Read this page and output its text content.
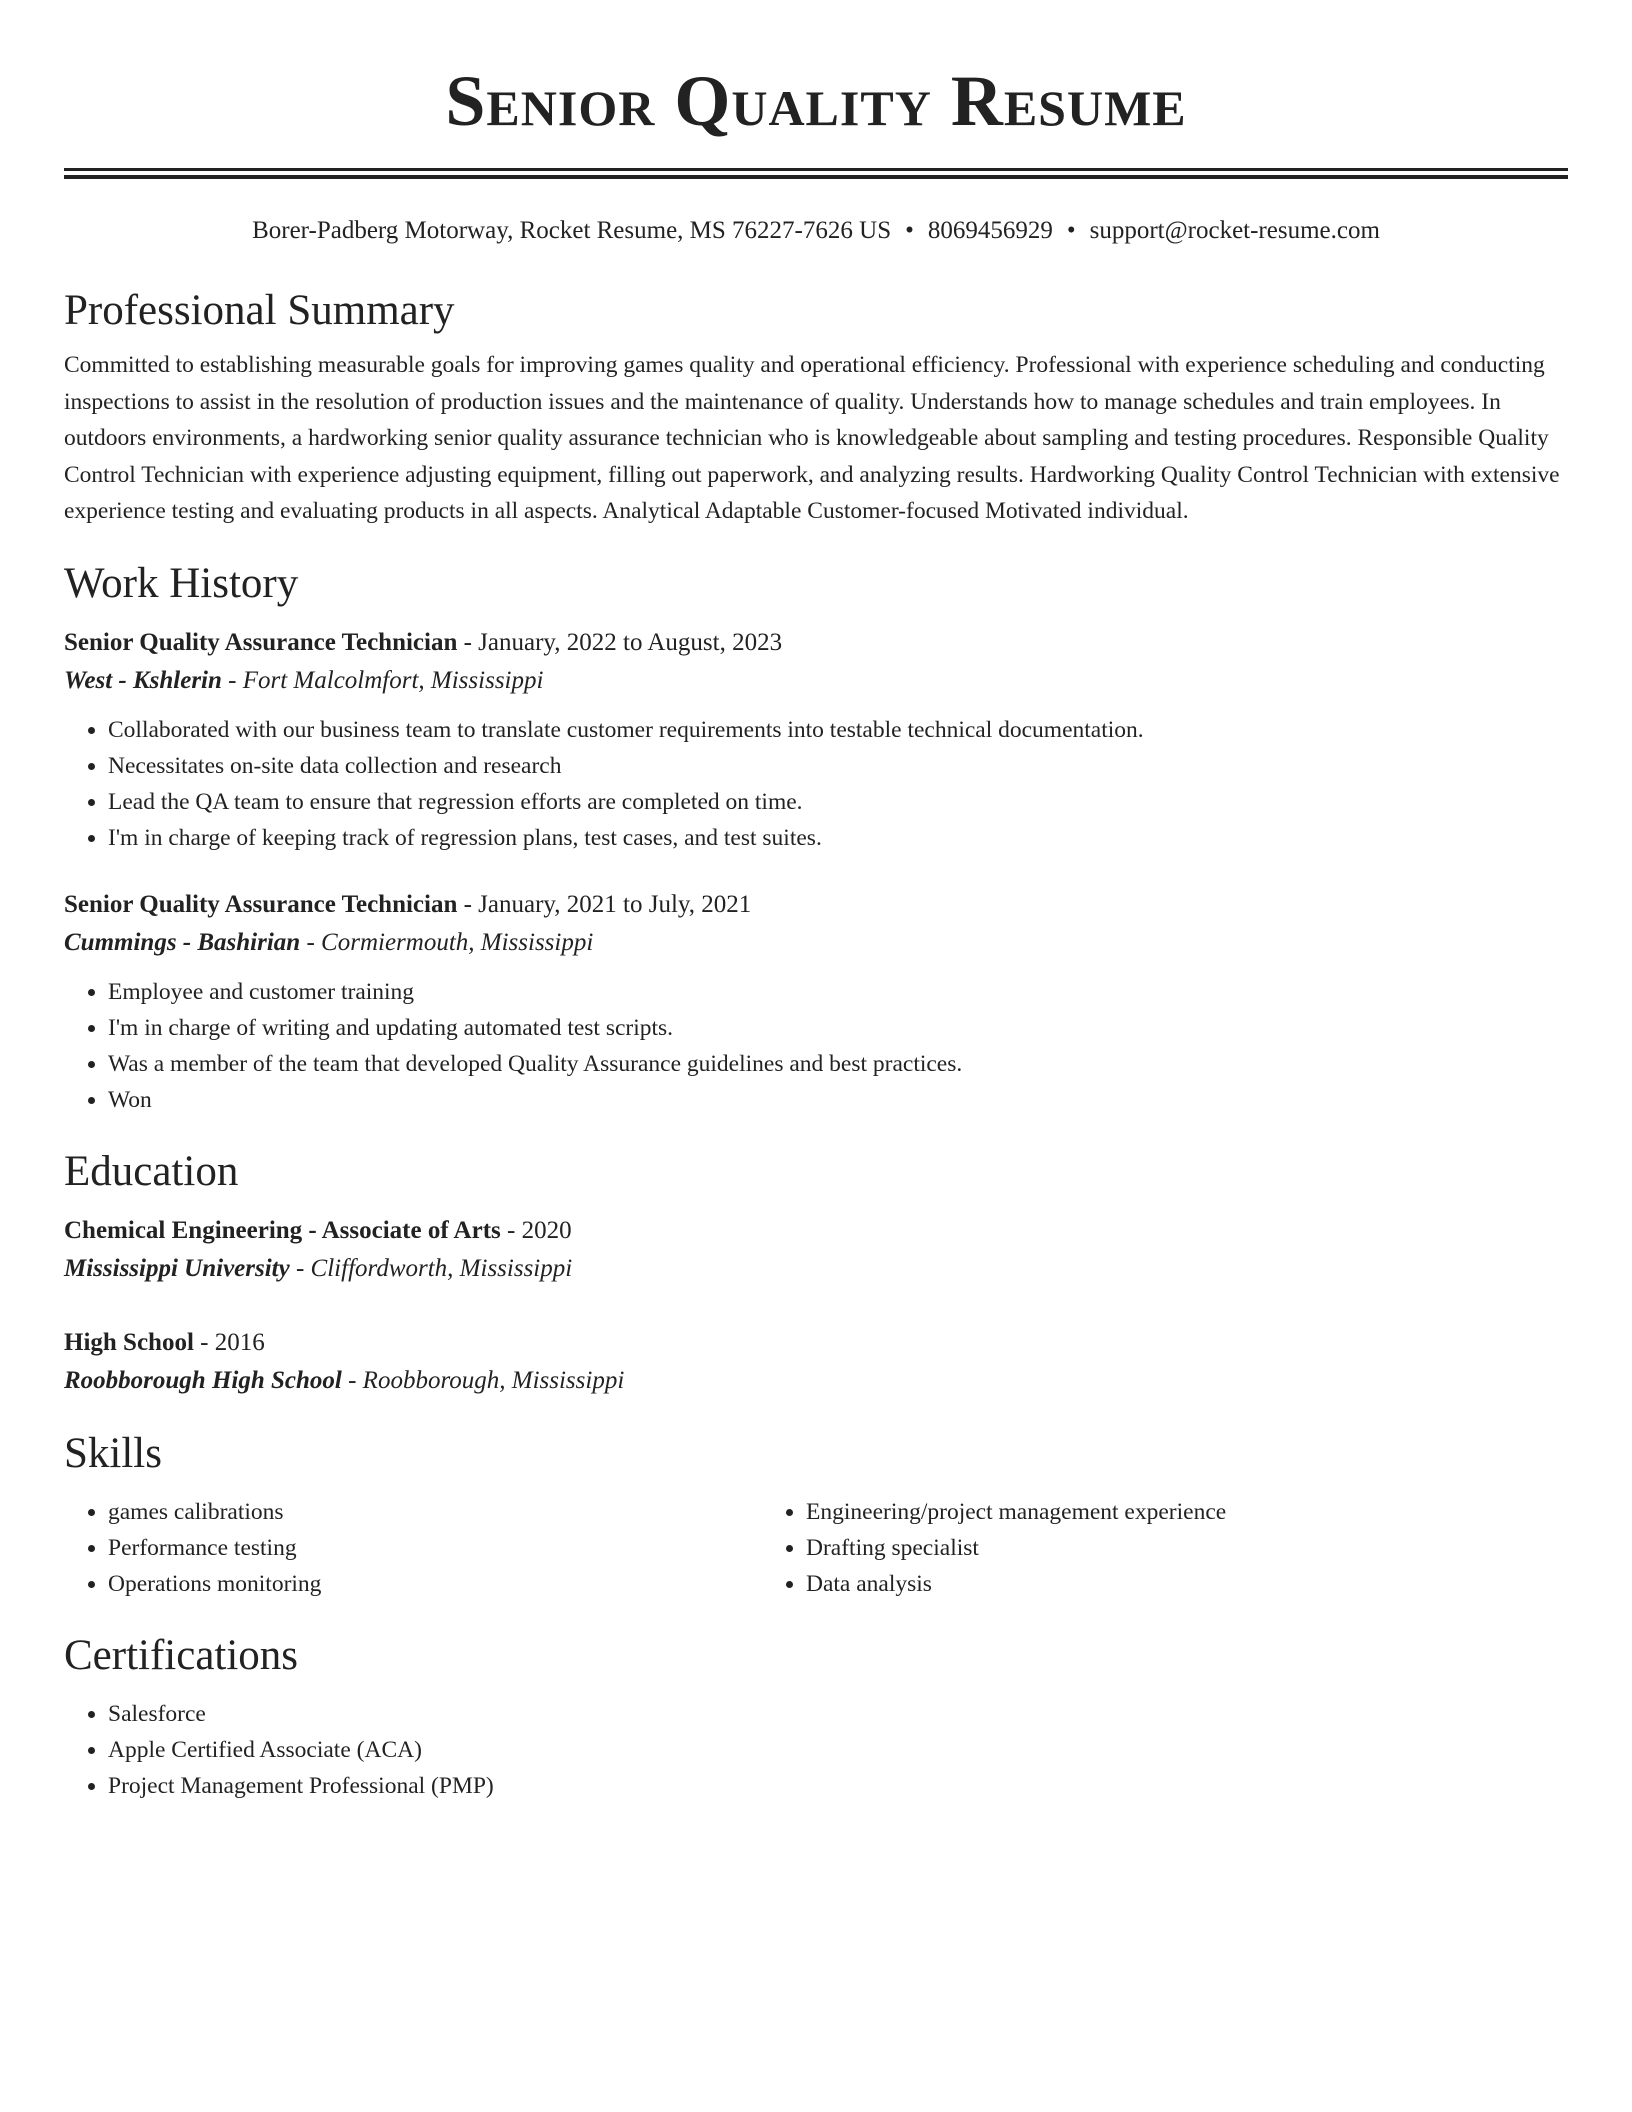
Senior Quality Resume
Borer-Padberg Motorway, Rocket Resume, MS 76227-7626 US • 8069456929 • support@rocket-resume.com
Professional Summary
Committed to establishing measurable goals for improving games quality and operational efficiency. Professional with experience scheduling and conducting inspections to assist in the resolution of production issues and the maintenance of quality. Understands how to manage schedules and train employees. In outdoors environments, a hardworking senior quality assurance technician who is knowledgeable about sampling and testing procedures. Responsible Quality Control Technician with experience adjusting equipment, filling out paperwork, and analyzing results. Hardworking Quality Control Technician with extensive experience testing and evaluating products in all aspects. Analytical Adaptable Customer-focused Motivated individual.
Work History
Senior Quality Assurance Technician - January, 2022 to August, 2023
West - Kshlerin - Fort Malcolmfort, Mississippi
• Collaborated with our business team to translate customer requirements into testable technical documentation.
• Necessitates on-site data collection and research
• Lead the QA team to ensure that regression efforts are completed on time.
• I'm in charge of keeping track of regression plans, test cases, and test suites.
Senior Quality Assurance Technician - January, 2021 to July, 2021
Cummings - Bashirian - Cormiermouth, Mississippi
• Employee and customer training
• I'm in charge of writing and updating automated test scripts.
• Was a member of the team that developed Quality Assurance guidelines and best practices.
• Won
Education
Chemical Engineering - Associate of Arts - 2020
Mississippi University - Cliffordworth, Mississippi
High School - 2016
Roobborough High School - Roobborough, Mississippi
Skills
• games calibrations
• Performance testing
• Operations monitoring
• Engineering/project management experience
• Drafting specialist
• Data analysis
Certifications
• Salesforce
• Apple Certified Associate (ACA)
• Project Management Professional (PMP)
